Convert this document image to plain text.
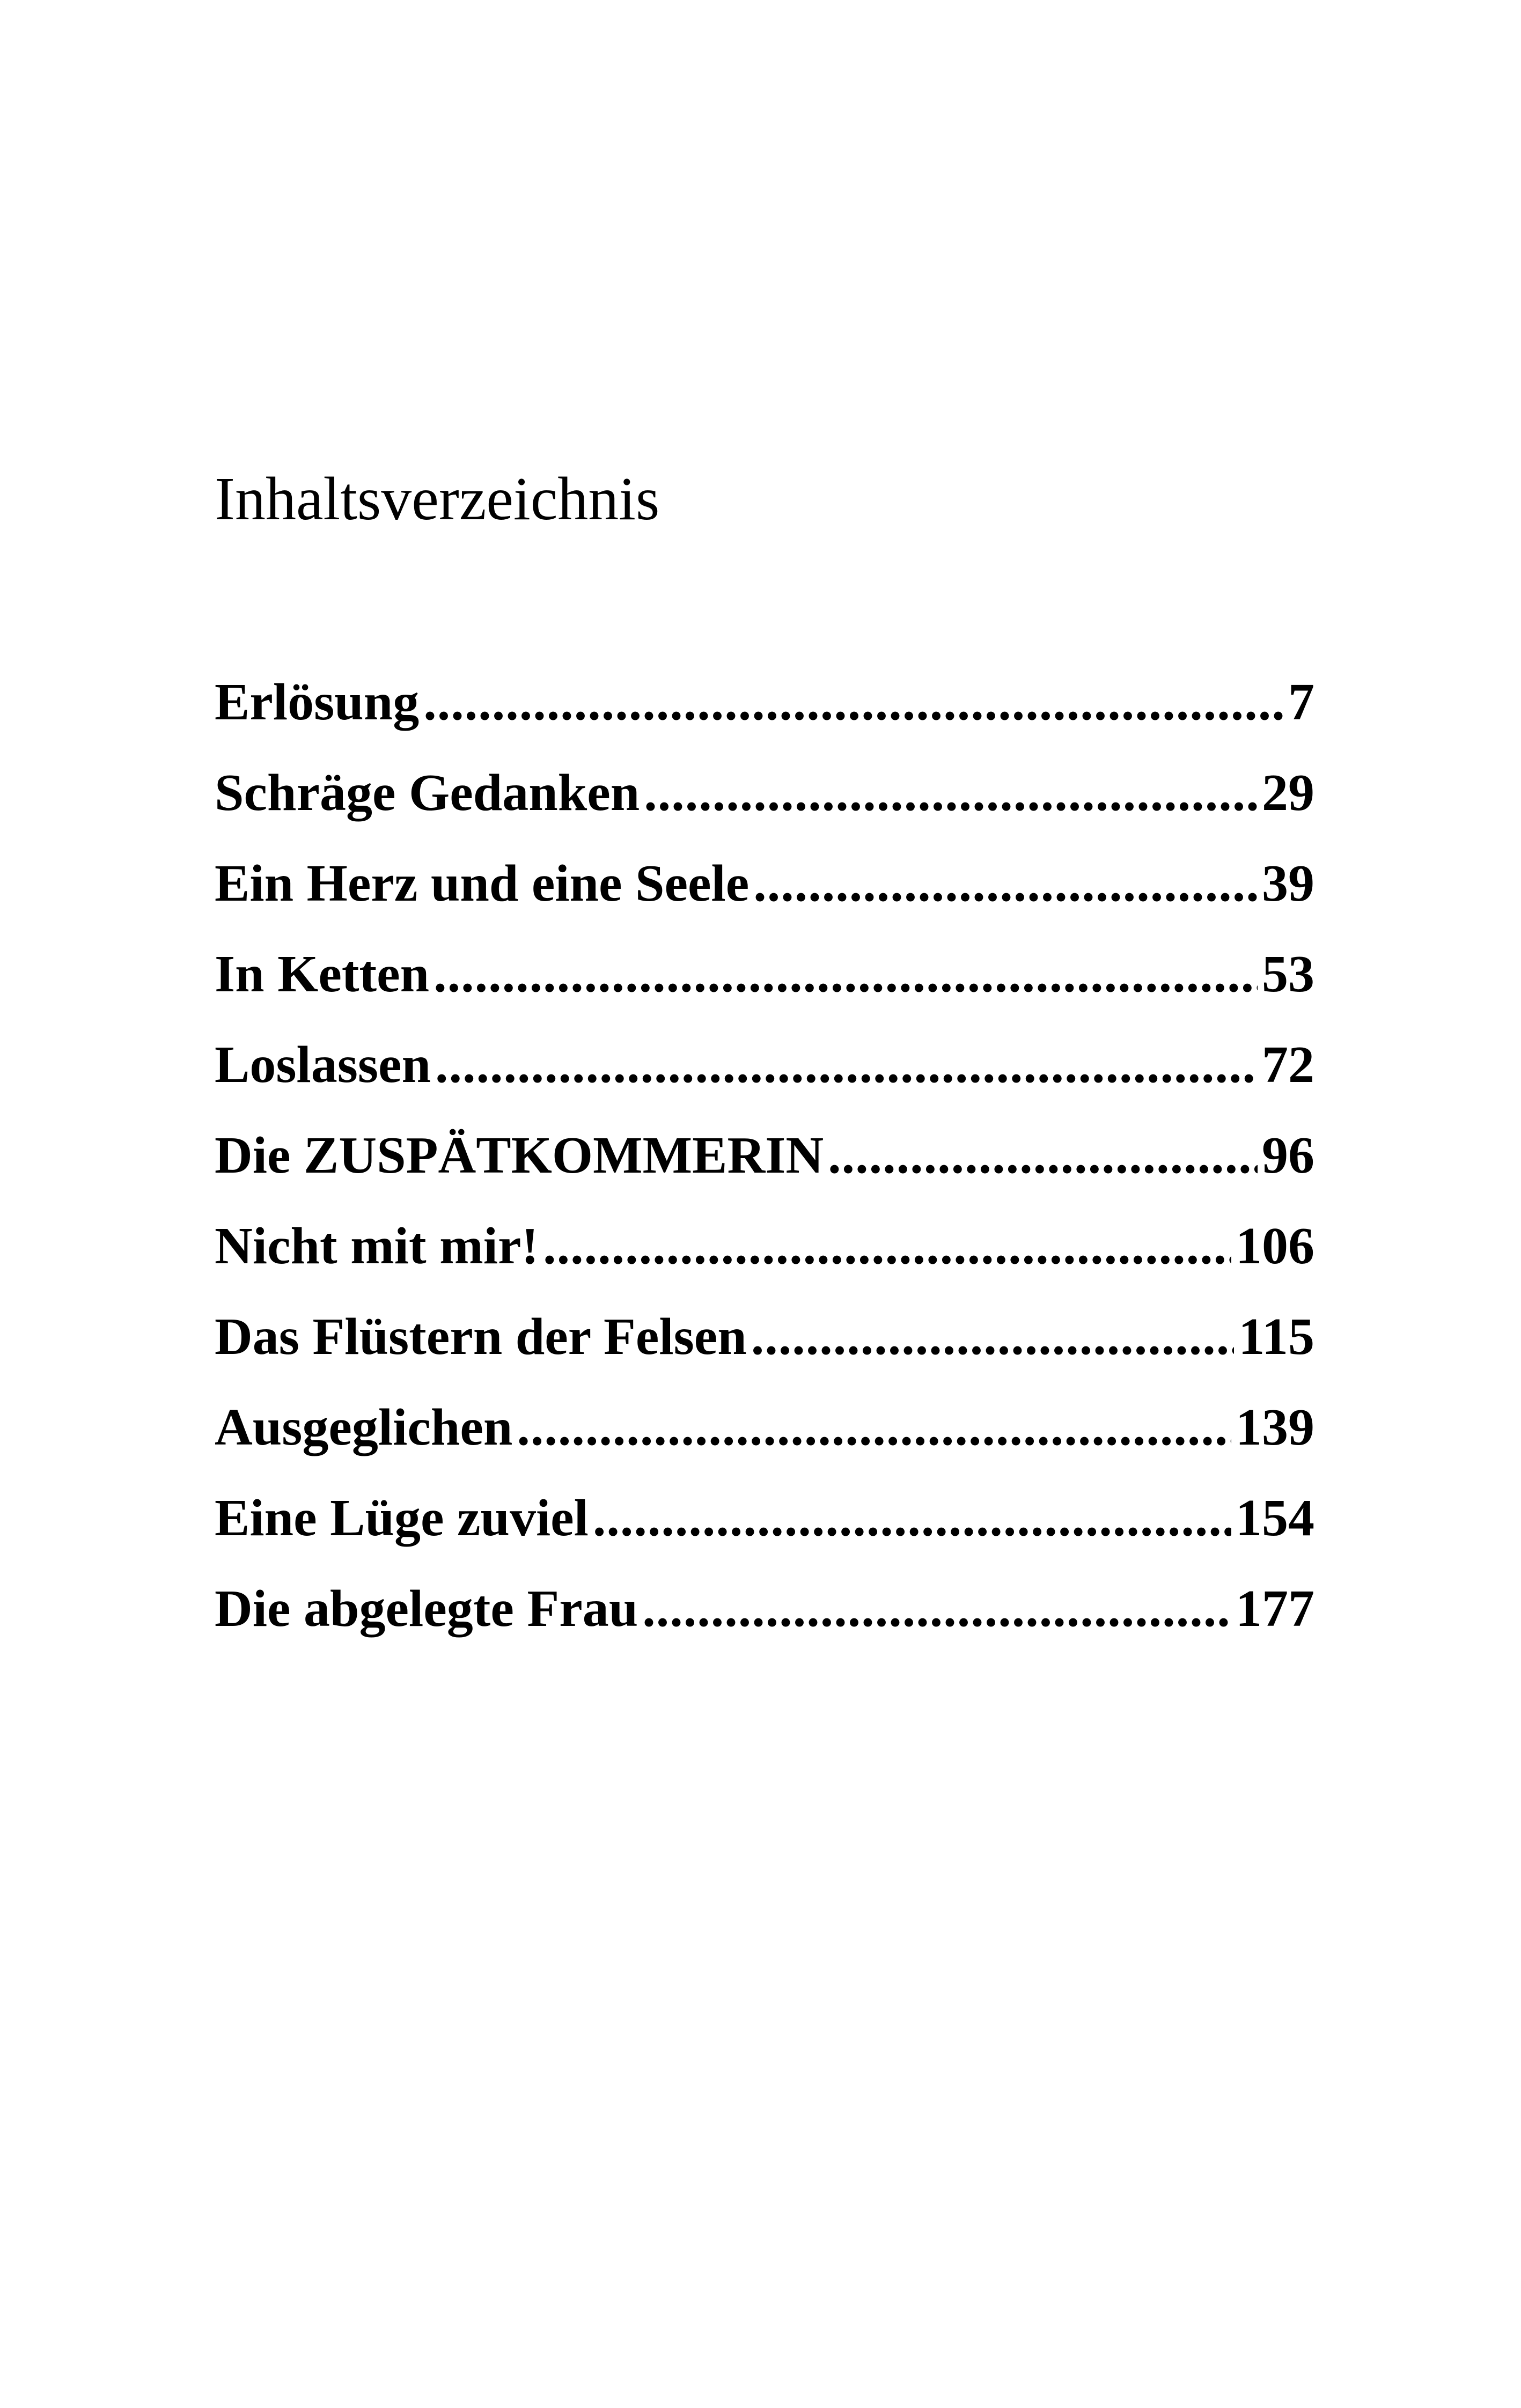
Inhaltsverzeichnis
Erlösung .....	7
Schräge Gedanken .....	29
Ein Herz und eine Seele .....	39
In Ketten .....	53
Loslassen .....	72
Die ZUSPÄTKOMMERIN .....	96
Nicht mit mir! .....	106
Das Flüstern der Felsen .....	115
Ausgeglichen .....	139
Eine Lüge zuviel .....	154
Die abgelegte Frau .....	177
